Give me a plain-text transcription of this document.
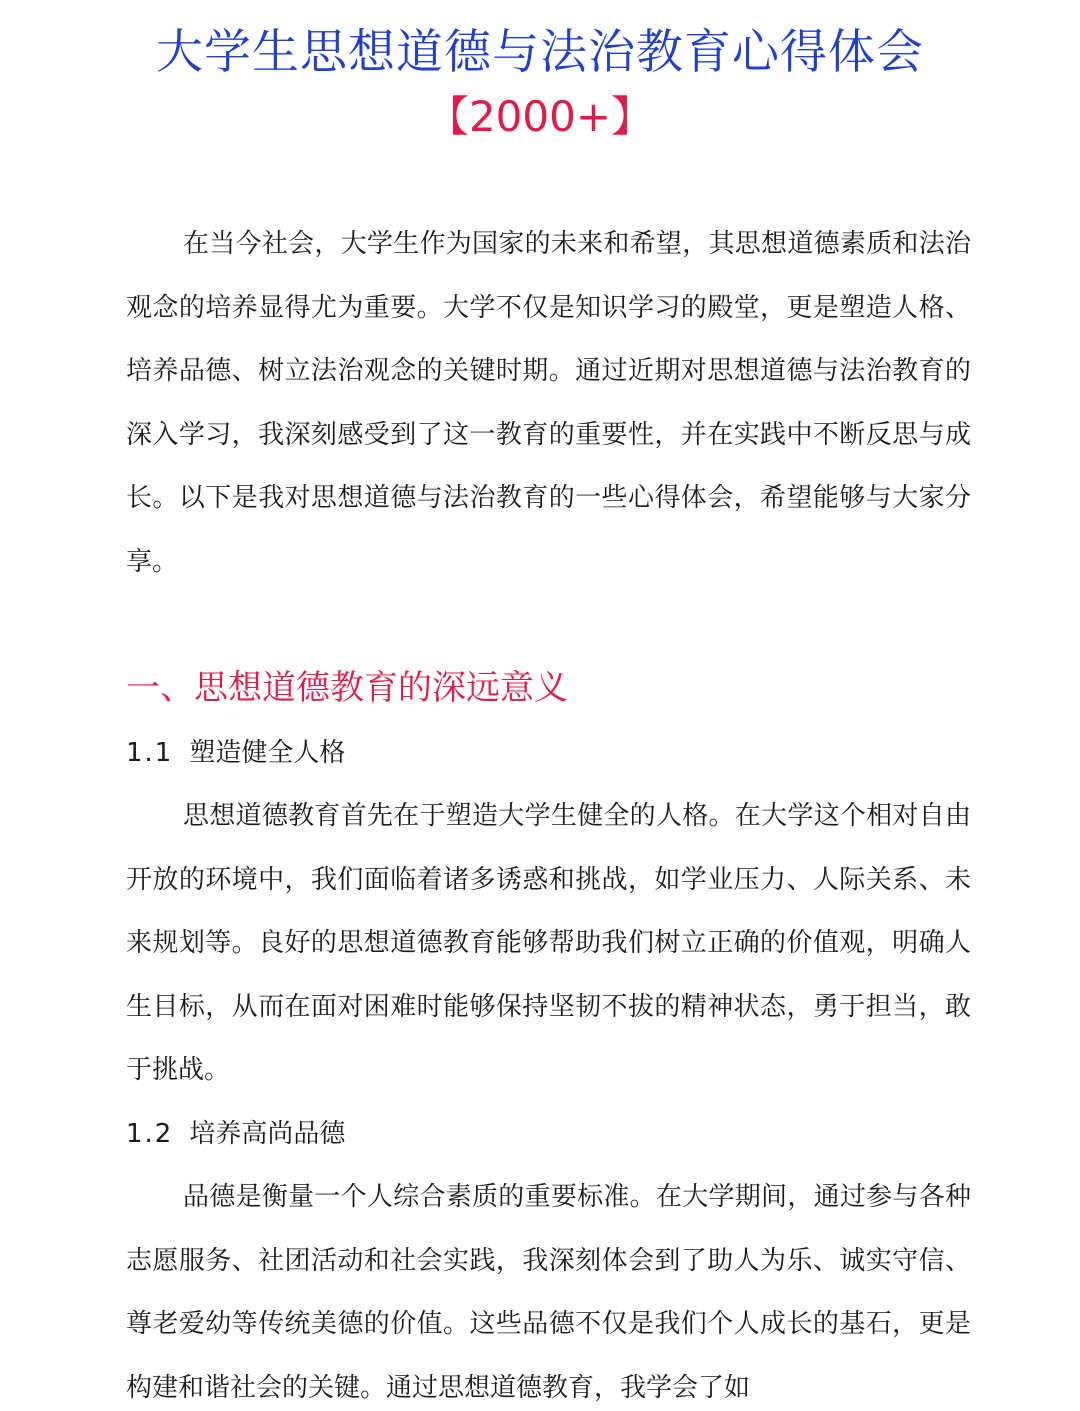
大学生思想道德与法治教育心得体会
【2000+】

在当今社会，大学生作为国家的未来和希望，其思想道德素质和法治观念的培养显得尤为重要。大学不仅是知识学习的殿堂，更是塑造人格、培养品德、树立法治观念的关键时期。通过近期对思想道德与法治教育的深入学习，我深刻感受到了这一教育的重要性，并在实践中不断反思与成长。以下是我对思想道德与法治教育的一些心得体会，希望能够与大家分享。

一、思想道德教育的深远意义
1.1 塑造健全人格

思想道德教育首先在于塑造大学生健全的人格。在大学这个相对自由开放的环境中，我们面临着诸多诱惑和挑战，如学业压力、人际关系、未来规划等。良好的思想道德教育能够帮助我们树立正确的价值观，明确人生目标，从而在面对困难时能够保持坚韧不拔的精神状态，勇于担当，敢于挑战。

1.2 培养高尚品德

品德是衡量一个人综合素质的重要标准。在大学期间，通过参与各种志愿服务、社团活动和社会实践，我深刻体会到了助人为乐、诚实守信、尊老爱幼等传统美德的价值。这些品德不仅是我们个人成长的基石，更是构建和谐社会的关键。通过思想道德教育，我学会了如
